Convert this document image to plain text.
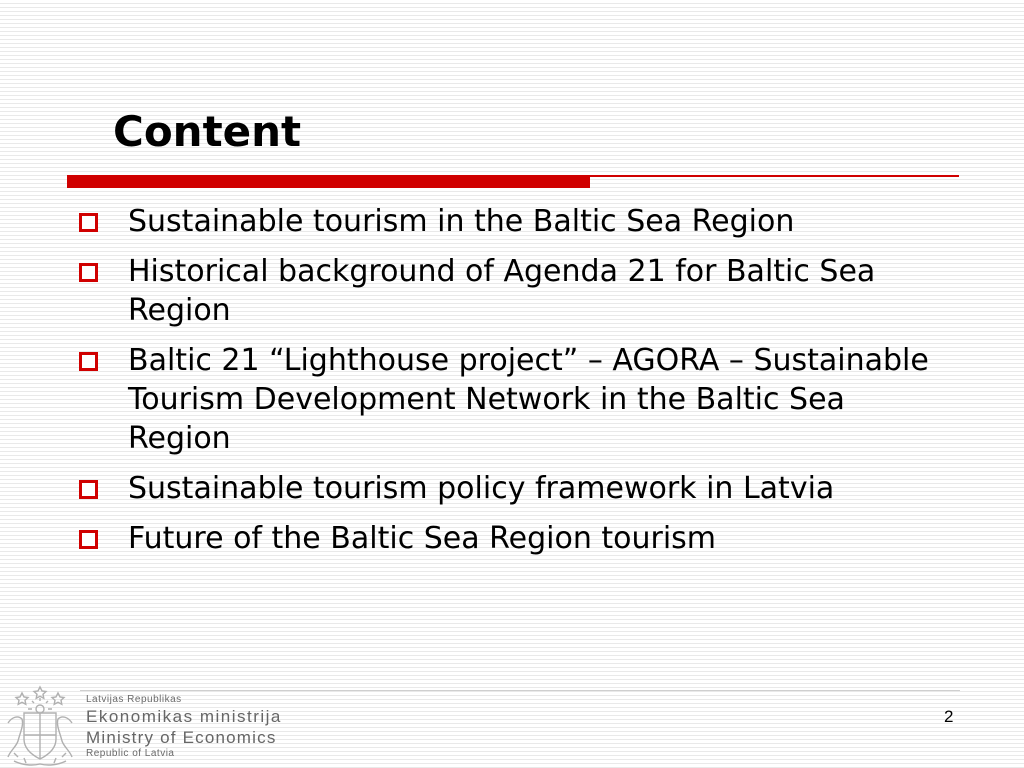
Content
Sustainable tourism in the Baltic Sea Region
Historical background of Agenda 21 for Baltic Sea Region
Baltic 21 “Lighthouse project” – AGORA – Sustainable Tourism Development Network in the Baltic Sea Region
Sustainable tourism policy framework in Latvia
Future of the Baltic Sea Region tourism
Latvijas Republikas
Ekonomikas ministrija
Ministry of Economics
Republic of Latvia
2
